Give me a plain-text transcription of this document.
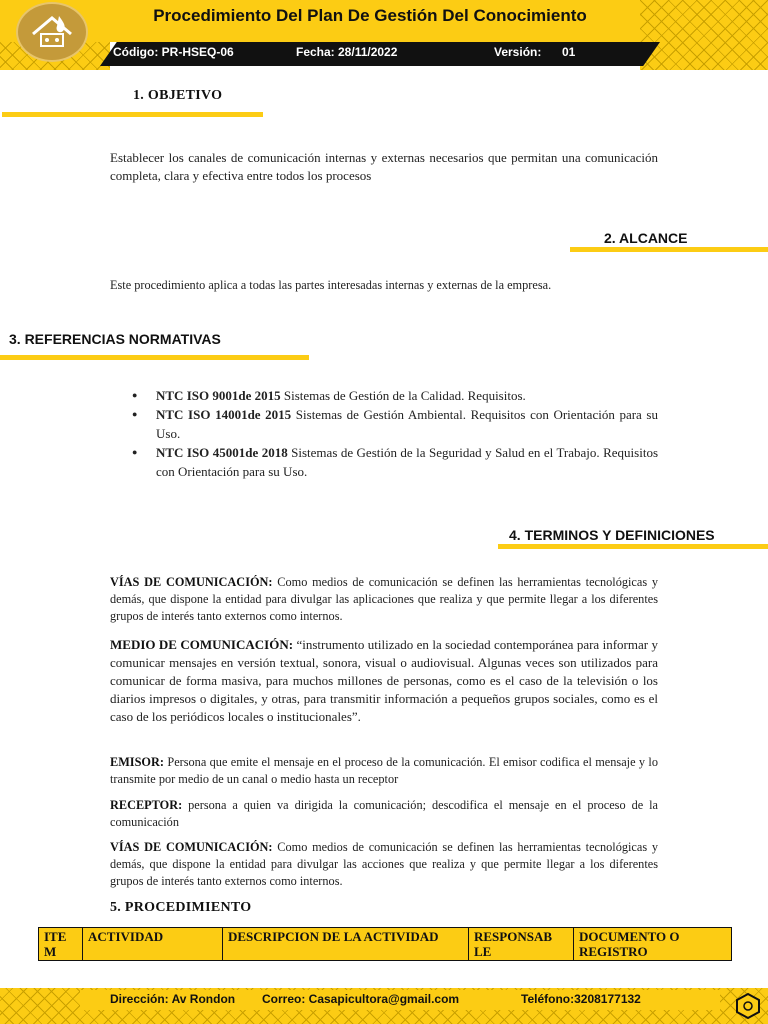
Procedimiento Del Plan De Gestión Del Conocimiento
Código: PR-HSEQ-06	Fecha: 28/11/2022	Versión: 01
1. OBJETIVO

Establecer los canales de comunicación internas y externas necesarios que permitan una comunicación completa, clara y efectiva entre todos los procesos

2. ALCANCE

Este procedimiento aplica a todas las partes interesadas internas y externas de la empresa.

3. REFERENCIAS NORMATIVAS
● NTC ISO 9001de 2015 Sistemas de Gestión de la Calidad. Requisitos.
● NTC ISO 14001de 2015 Sistemas de Gestión Ambiental. Requisitos con Orientación para su Uso.
● NTC ISO 45001de 2018 Sistemas de Gestión de la Seguridad y Salud en el Trabajo. Requisitos con Orientación para su Uso.
4. TERMINOS Y DEFINICIONES

VÍAS DE COMUNICACIÓN: Como medios de comunicación se definen las herramientas tecnológicas y demás, que dispone la entidad para divulgar las aplicaciones que realiza y que permite llegar a los diferentes grupos de interés tanto externos como internos.

MEDIO DE COMUNICACIÓN: “instrumento utilizado en la sociedad contemporánea para informar y comunicar mensajes en versión textual, sonora, visual o audiovisual. Algunas veces son utilizados para comunicar de forma masiva, para muchos millones de personas, como es el caso de la televisión o los diarios impresos o digitales, y otras, para transmitir información a pequeños grupos sociales, como es el caso de los periódicos locales o institucionales”.

EMISOR: Persona que emite el mensaje en el proceso de la comunicación. El emisor codifica el mensaje y lo transmite por medio de un canal o medio hasta un receptor

RECEPTOR: persona a quien va dirigida la comunicación; descodifica el mensaje en el proceso de la comunicación

VÍAS DE COMUNICACIÓN: Como medios de comunicación se definen las herramientas tecnológicas y demás, que dispone la entidad para divulgar las acciones que realiza y que permite llegar a los diferentes grupos de interés tanto externos como internos.

5. PROCEDIMIENTO
ITE M	ACTIVIDAD	DESCRIPCION DE LA ACTIVIDAD	RESPONSAB LE	DOCUMENTO O REGISTRO
Dirección: Av Rondon Correo: Casapicultora@gmail.com	Teléfono:3208177132
